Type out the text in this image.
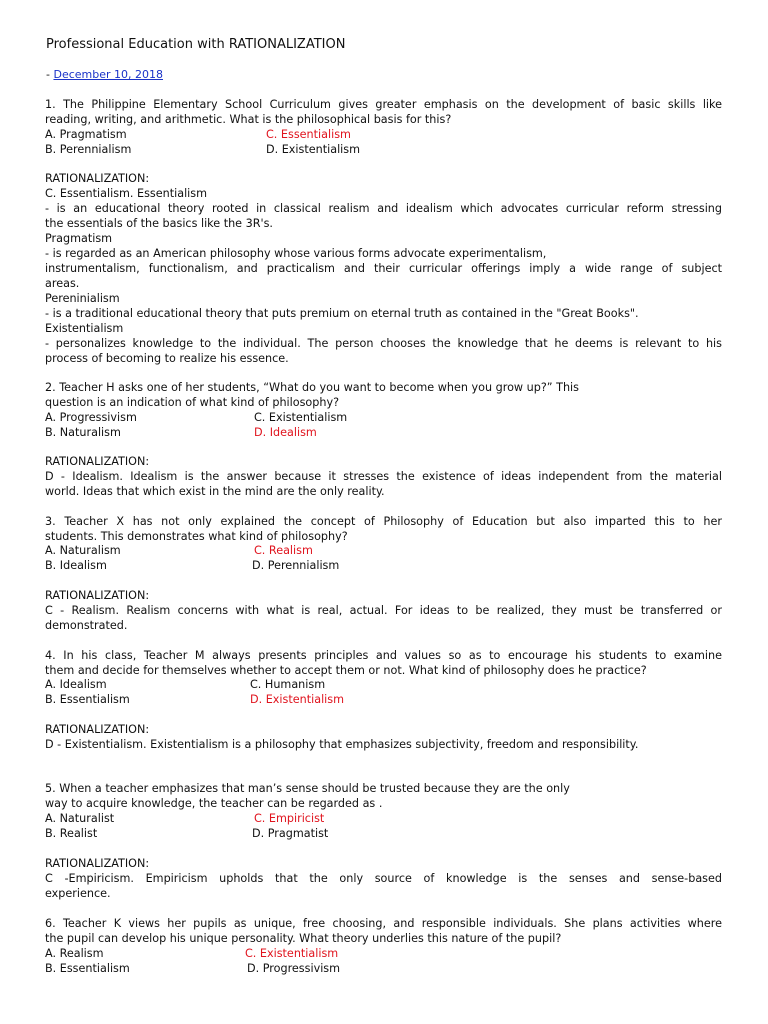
Professional Education with RATIONALIZATION
- December 10, 2018
1. The Philippine Elementary School Curriculum gives greater emphasis on the development of basic skills like
reading, writing, and arithmetic. What is the philosophical basis for this?
A. Pragmatism	C. Essentialism
B. Perennialism	D. Existentialism
RATIONALIZATION:
C. Essentialism. Essentialism
- is an educational theory rooted in classical realism and idealism which advocates curricular reform stressing
the essentials of the basics like the 3R's.
Pragmatism
- is regarded as an American philosophy whose various forms advocate experimentalism,
instrumentalism, functionalism, and practicalism and their curricular offerings imply a wide range of subject
areas.
Pereninialism
- is a traditional educational theory that puts premium on eternal truth as contained in the "Great Books".
Existentialism
- personalizes knowledge to the individual. The person chooses the knowledge that he deems is relevant to his
process of becoming to realize his essence.
2. Teacher H asks one of her students, “What do you want to become when you grow up?” This
question is an indication of what kind of philosophy?
A. Progressivism	C. Existentialism
B. Naturalism	D. Idealism
RATIONALIZATION:
D - Idealism. Idealism is the answer because it stresses the existence of ideas independent from the material
world. Ideas that which exist in the mind are the only reality.
3. Teacher X has not only explained the concept of Philosophy of Education but also imparted this to her
students. This demonstrates what kind of philosophy?
A. Naturalism	C. Realism
B. Idealism	D. Perennialism
RATIONALIZATION:
C - Realism. Realism concerns with what is real, actual. For ideas to be realized, they must be transferred or
demonstrated.
4. In his class, Teacher M always presents principles and values so as to encourage his students to examine
them and decide for themselves whether to accept them or not. What kind of philosophy does he practice?
A. Idealism	C. Humanism
B. Essentialism	D. Existentialism
RATIONALIZATION:
D - Existentialism. Existentialism is a philosophy that emphasizes subjectivity, freedom and responsibility.
5. When a teacher emphasizes that man’s sense should be trusted because they are the only
way to acquire knowledge, the teacher can be regarded as .
A. Naturalist	C. Empiricist
B. Realist	D. Pragmatist
RATIONALIZATION:
C -Empiricism. Empiricism upholds that the only source of knowledge is the senses and sense-based
experience.
6. Teacher K views her pupils as unique, free choosing, and responsible individuals. She plans activities where
the pupil can develop his unique personality. What theory underlies this nature of the pupil?
A. Realism	C. Existentialism
B. Essentialism	D. Progressivism
